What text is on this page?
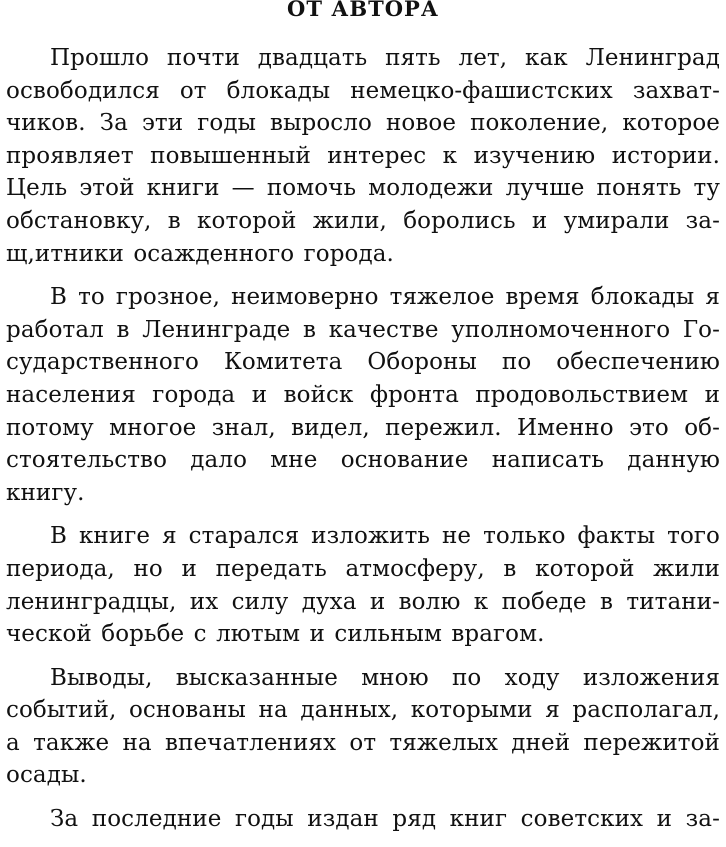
ОТ АВТОРА
Прошло почти двадцать пять лет, как Ленинград
освободился от блокады немецко-фашистских захват-
чиков. За эти годы выросло новое поколение, которое
проявляет повышенный интерес к изучению истории.
Цель этой книги — помочь молодежи лучше понять ту
обстановку, в которой жили, боролись и умирали за-
щ,итники осажденного города.
В то грозное, неимоверно тяжелое время блокады я
работал в Ленинграде в качестве уполномоченного Го-
сударственного Комитета Обороны по обеспечению
населения города и войск фронта продовольствием и
потому многое знал, видел, пережил. Именно это об-
стоятельство дало мне основание написать данную
книгу.
В книге я старался изложить не только факты того
периода, но и передать атмосферу, в которой жили
ленинградцы, их силу духа и волю к победе в титани-
ческой борьбе с лютым и сильным врагом.
Выводы, высказанные мною по ходу изложения
событий, основаны на данных, которыми я располагал,
а также на впечатлениях от тяжелых дней пережитой
осады.
За последние годы издан ряд книг советских и за-
